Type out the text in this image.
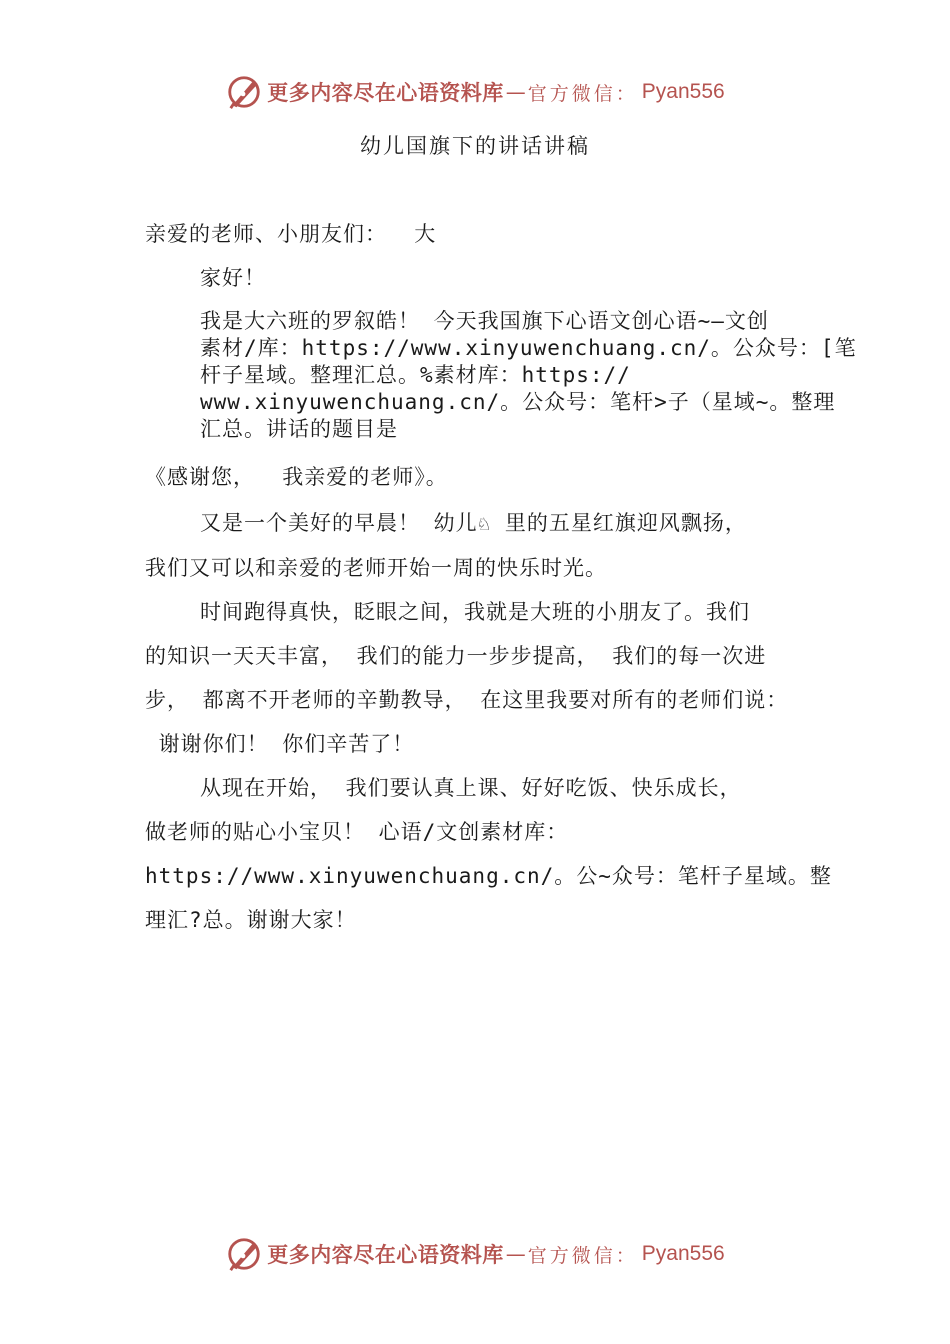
更多内容尽在心语资料库 — 官方微信： Pyan556
幼儿国旗下的讲话讲稿
亲爱的老师、小朋友们：  大
家好！
我是大六班的罗叙皓！ 今天我国旗下心语文创心语~—文创
素材/库：https://www.xinyuwenchuang.cn/。公众号：[笔
杆子星域。整理汇总。%素材库：https://
www.xinyuwenchuang.cn/。公众号：笔杆>子（星域~。整理
汇总。讲话的题目是
《感谢您，  我亲爱的老师》。
又是一个美好的早晨！ 幼儿♘ 里的五星红旗迎风飘扬，
我们又可以和亲爱的老师开始一周的快乐时光。
时间跑得真快，眨眼之间，我就是大班的小朋友了。我们
的知识一天天丰富， 我们的能力一步步提高， 我们的每一次进
步， 都离不开老师的辛勤教导， 在这里我要对所有的老师们说：
谢谢你们！ 你们辛苦了！
从现在开始， 我们要认真上课、好好吃饭、快乐成长，
做老师的贴心小宝贝！ 心语/文创素材库：
https://www.xinyuwenchuang.cn/。公~众号：笔杆子星域。整
理汇?总。谢谢大家！
更多内容尽在心语资料库 — 官方微信： Pyan556
